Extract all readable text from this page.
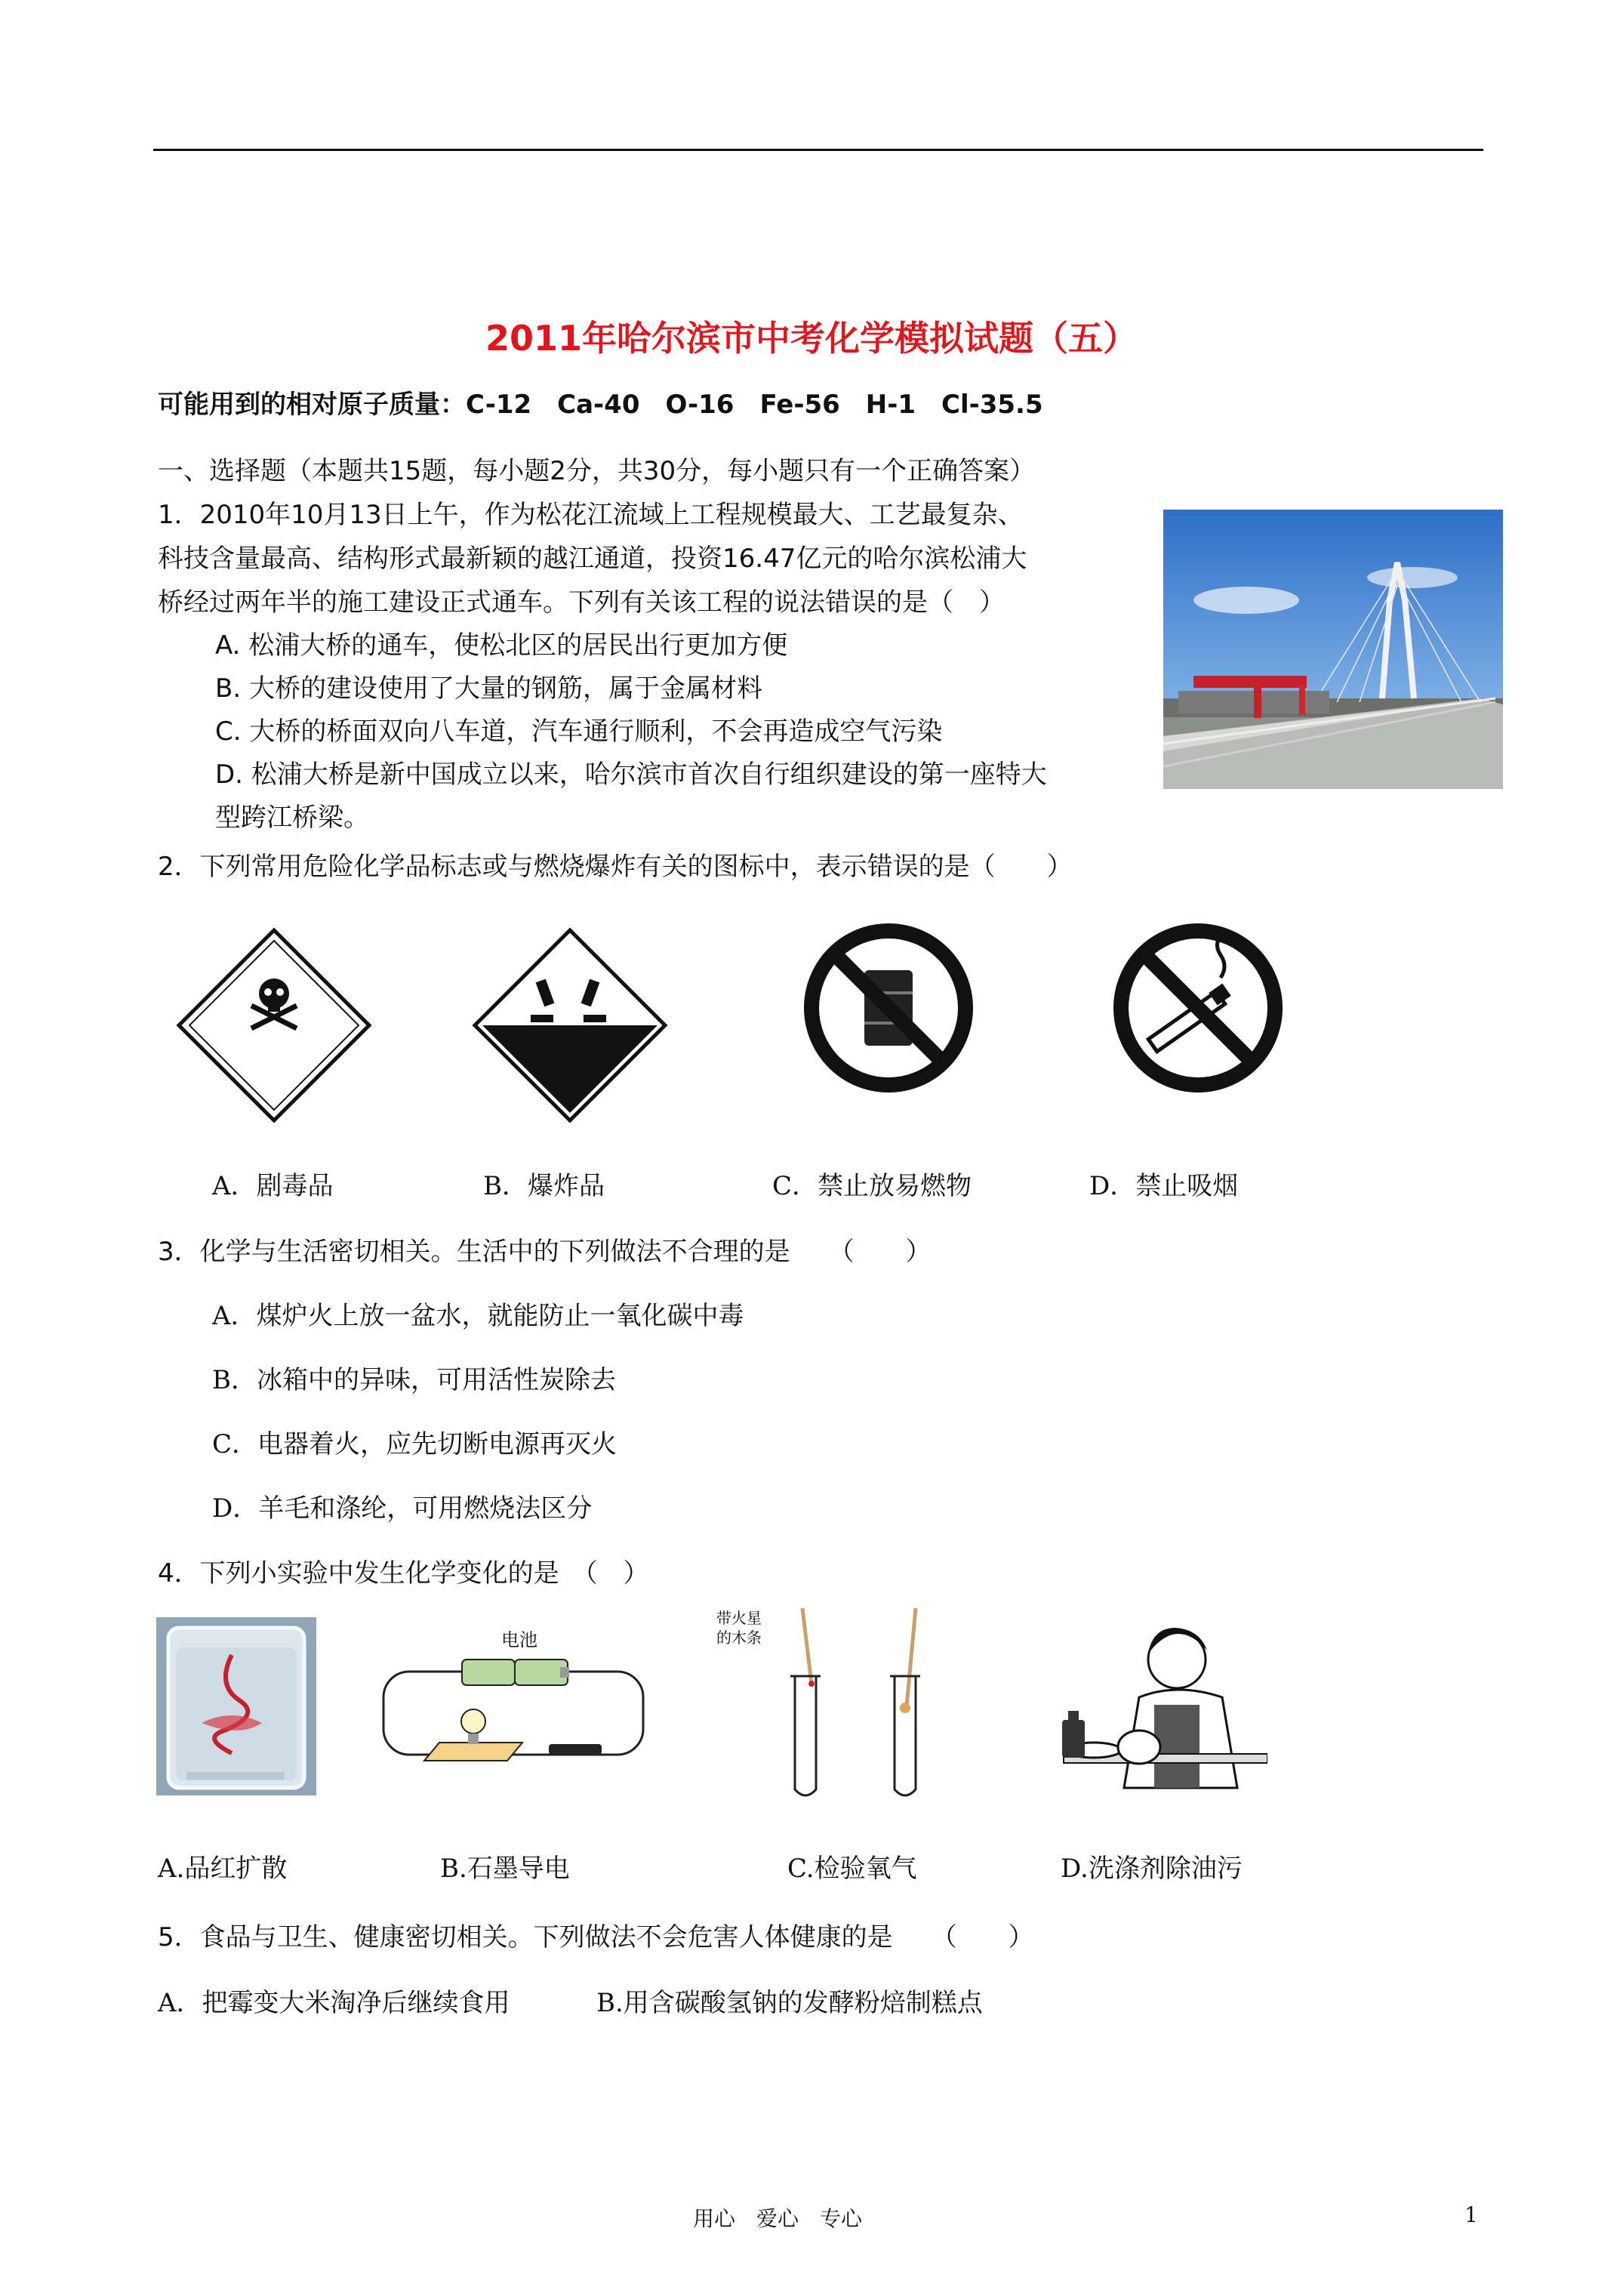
2011年哈尔滨市中考化学模拟试题（五）
可能用到的相对原子质量：C-12　Ca-40　O-16　Fe-56　H-1　Cl-35.5
一、选择题（本题共15题，每小题2分，共30分，每小题只有一个正确答案）
1．2010年10月13日上午，作为松花江流域上工程规模最大、工艺最复杂、
科技含量最高、结构形式最新颖的越江通道，投资16.47亿元的哈尔滨松浦大
桥经过两年半的施工建设正式通车。下列有关该工程的说法错误的是（　）
A. 松浦大桥的通车，使松北区的居民出行更加方便
B. 大桥的建设使用了大量的钢筋，属于金属材料
C. 大桥的桥面双向八车道，汽车通行顺利，不会再造成空气污染
D. 松浦大桥是新中国成立以来，哈尔滨市首次自行组织建设的第一座特大
型跨江桥梁。
2．下列常用危险化学品标志或与燃烧爆炸有关的图标中，表示错误的是（　　）
A．剧毒品	B．爆炸品	C．禁止放易燃物	D．禁止吸烟
3．化学与生活密切相关。生活中的下列做法不合理的是　　（　　）
A．煤炉火上放一盆水，就能防止一氧化碳中毒
B．冰箱中的异味，可用活性炭除去
C．电器着火，应先切断电源再灭火
D．羊毛和涤纶，可用燃烧法区分
4．下列小实验中发生化学变化的是　（　）
电池
带火星
的木条
A.品红扩散	B.石墨导电	C.检验氧气	D.洗涤剂除油污
5．食品与卫生、健康密切相关。下列做法不会危害人体健康的是　　（　　）
A．把霉变大米淘净后继续食用	B.用含碳酸氢钠的发酵粉焙制糕点
用心　爱心　专心	1
